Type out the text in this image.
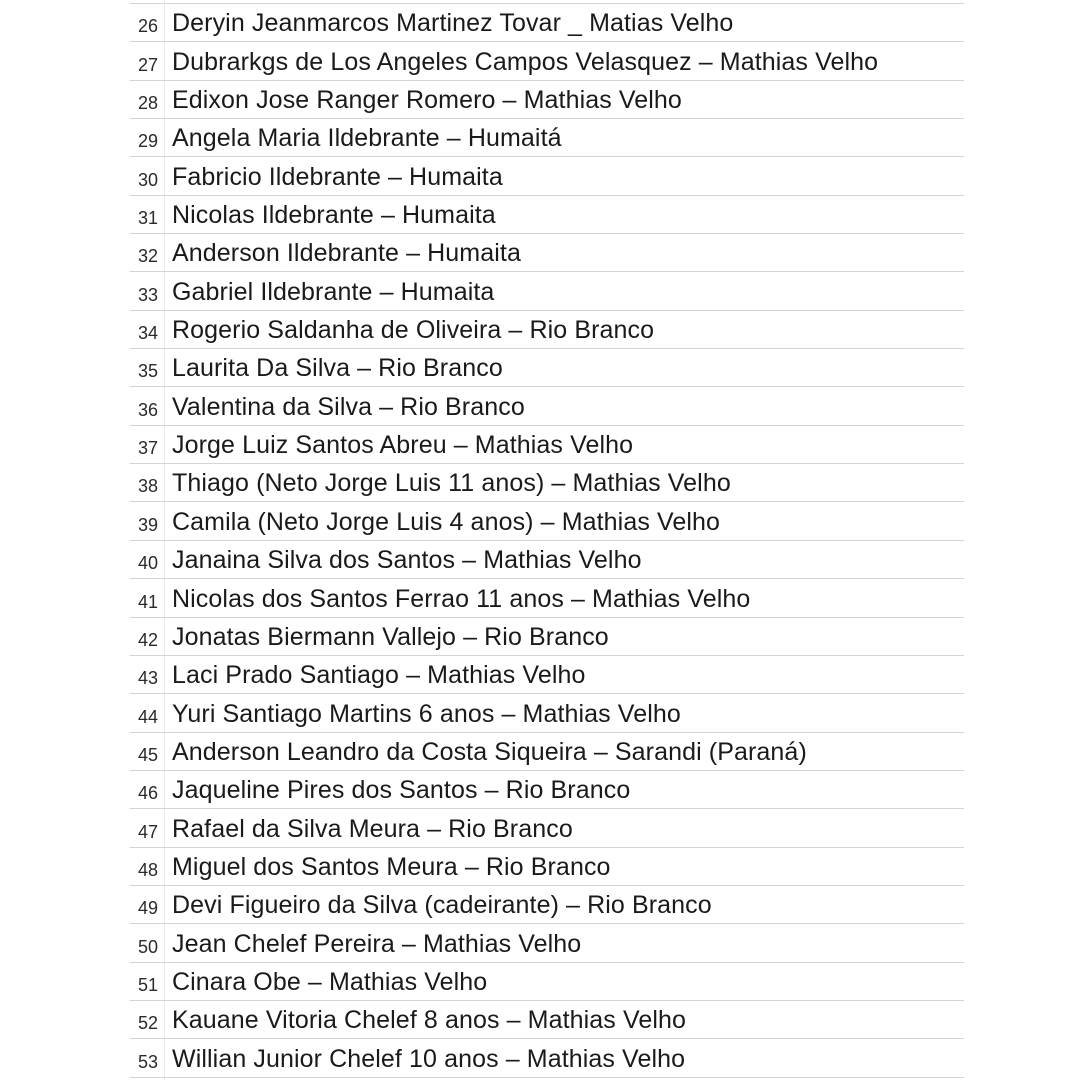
26 Deryin Jeanmarcos Martinez Tovar _ Matias Velho
27 Dubrarkgs de Los Angeles Campos Velasquez – Mathias Velho
28 Edixon Jose Ranger Romero – Mathias Velho
29 Angela Maria Ildebrante – Humaitá
30 Fabricio Ildebrante – Humaita
31 Nicolas Ildebrante – Humaita
32 Anderson Ildebrante – Humaita
33 Gabriel Ildebrante – Humaita
34 Rogerio Saldanha de Oliveira – Rio Branco
35 Laurita Da Silva – Rio Branco
36 Valentina da Silva – Rio Branco
37 Jorge Luiz Santos Abreu – Mathias Velho
38 Thiago (Neto Jorge Luis 11 anos) – Mathias Velho
39 Camila (Neto Jorge Luis 4 anos) – Mathias Velho
40 Janaina Silva dos Santos – Mathias Velho
41 Nicolas dos Santos Ferrao 11 anos – Mathias Velho
42 Jonatas Biermann Vallejo – Rio Branco
43 Laci Prado Santiago – Mathias Velho
44 Yuri Santiago Martins 6 anos – Mathias Velho
45 Anderson Leandro da Costa Siqueira – Sarandi (Paraná)
46 Jaqueline Pires dos Santos – Rio Branco
47 Rafael da Silva Meura – Rio Branco
48 Miguel dos Santos Meura – Rio Branco
49 Devi Figueiro da Silva (cadeirante) – Rio Branco
50 Jean Chelef Pereira – Mathias Velho
51 Cinara Obe – Mathias Velho
52 Kauane Vitoria Chelef 8 anos – Mathias Velho
53 Willian Junior Chelef 10 anos – Mathias Velho
